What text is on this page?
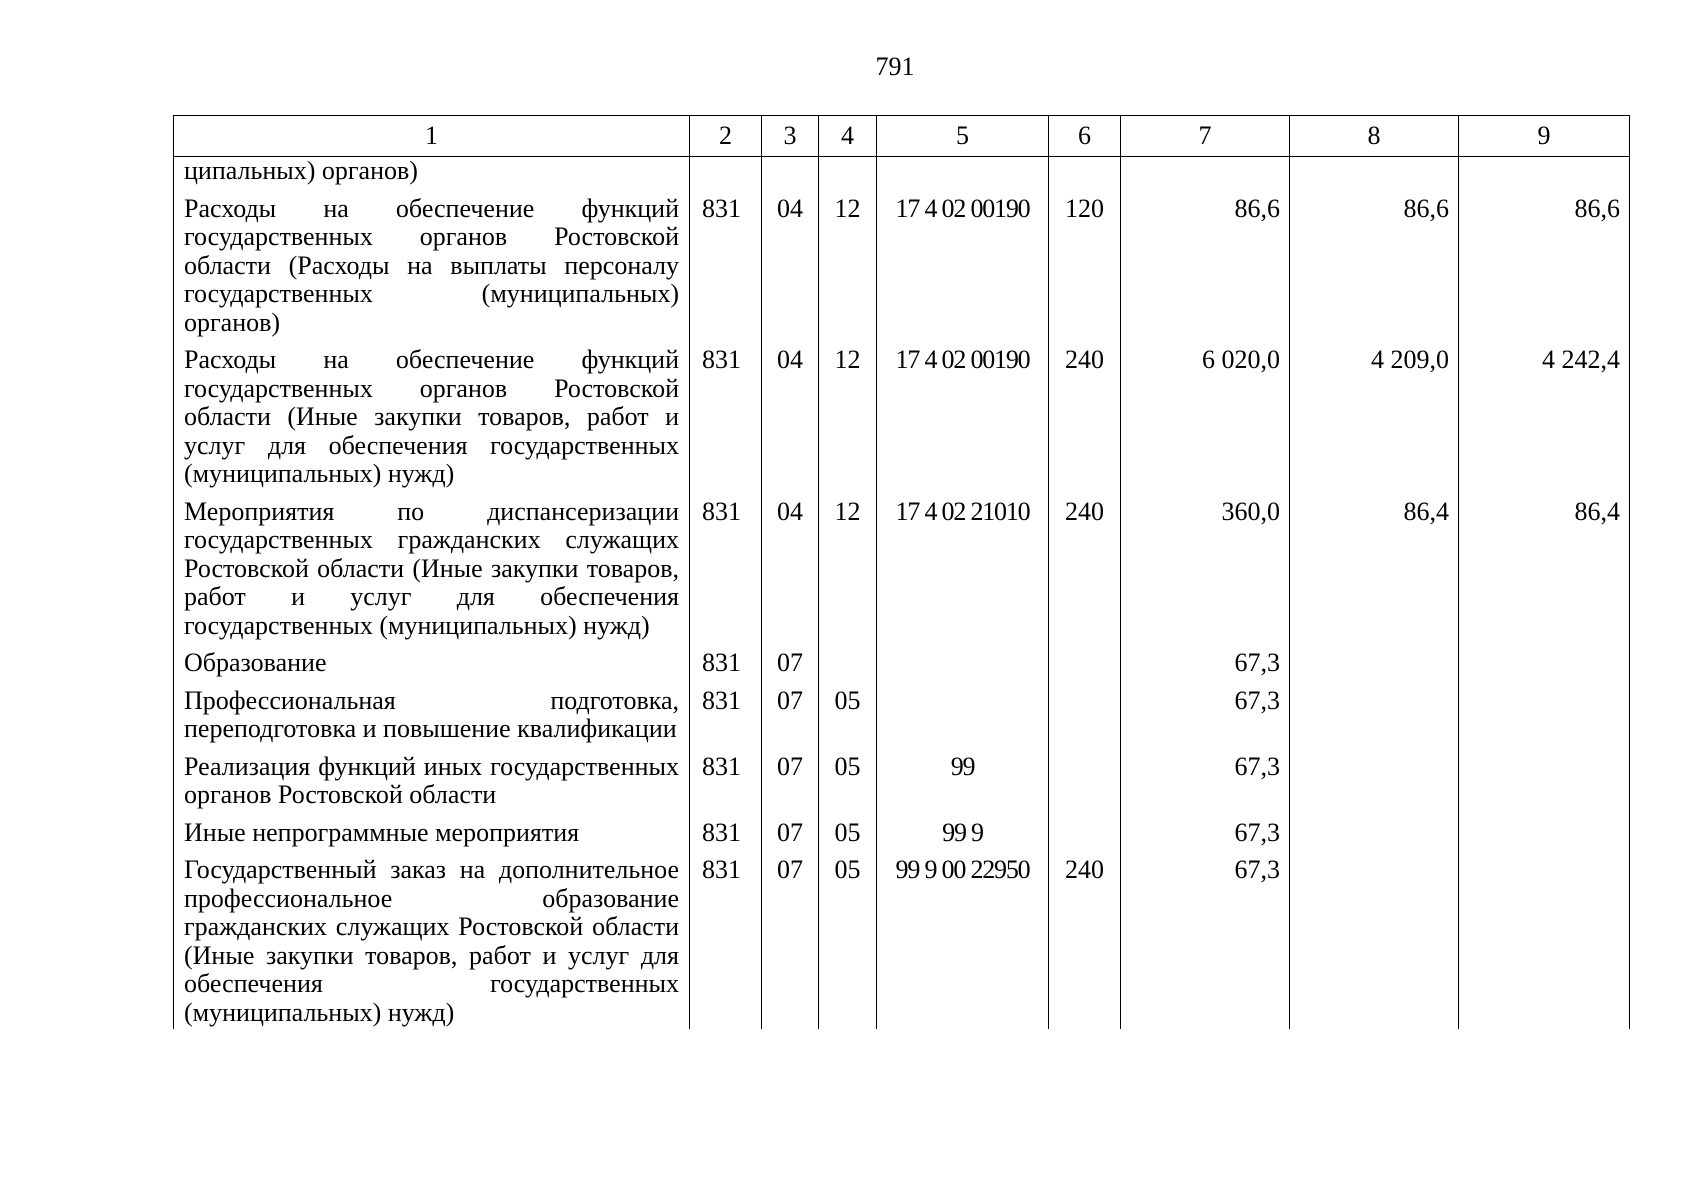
791
1	2	3	4	5	6	7	8	9
ципальных) органов)								
Расходы на обеспечение функций государственных органов Ростовской области (Расходы на выплаты персоналу государственных (муниципальных) органов)	831	04	12	17 4 02 00190	120	86,6	86,6	86,6
Расходы на обеспечение функций государственных органов Ростовской области (Иные закупки товаров, работ и услуг для обеспечения государственных (муниципальных) нужд)	831	04	12	17 4 02 00190	240	6 020,0	4 209,0	4 242,4
Мероприятия по диспансеризации государственных гражданских служащих Ростовской области (Иные закупки товаров, работ и услуг для обеспечения государственных (муниципальных) нужд)	831	04	12	17 4 02 21010	240	360,0	86,4	86,4
Образование	831	07				67,3		
Профессиональная подготовка, переподготовка и повышение квалификации	831	07	05			67,3		
Реализация функций иных государственных органов Ростовской области	831	07	05	99		67,3		
Иные непрограммные мероприятия	831	07	05	99 9		67,3		
Государственный заказ на дополнительное профессиональное образование гражданских служащих Ростовской области (Иные закупки товаров, работ и услуг для обеспечения государственных (муниципальных) нужд)	831	07	05	99 9 00 22950	240	67,3		
